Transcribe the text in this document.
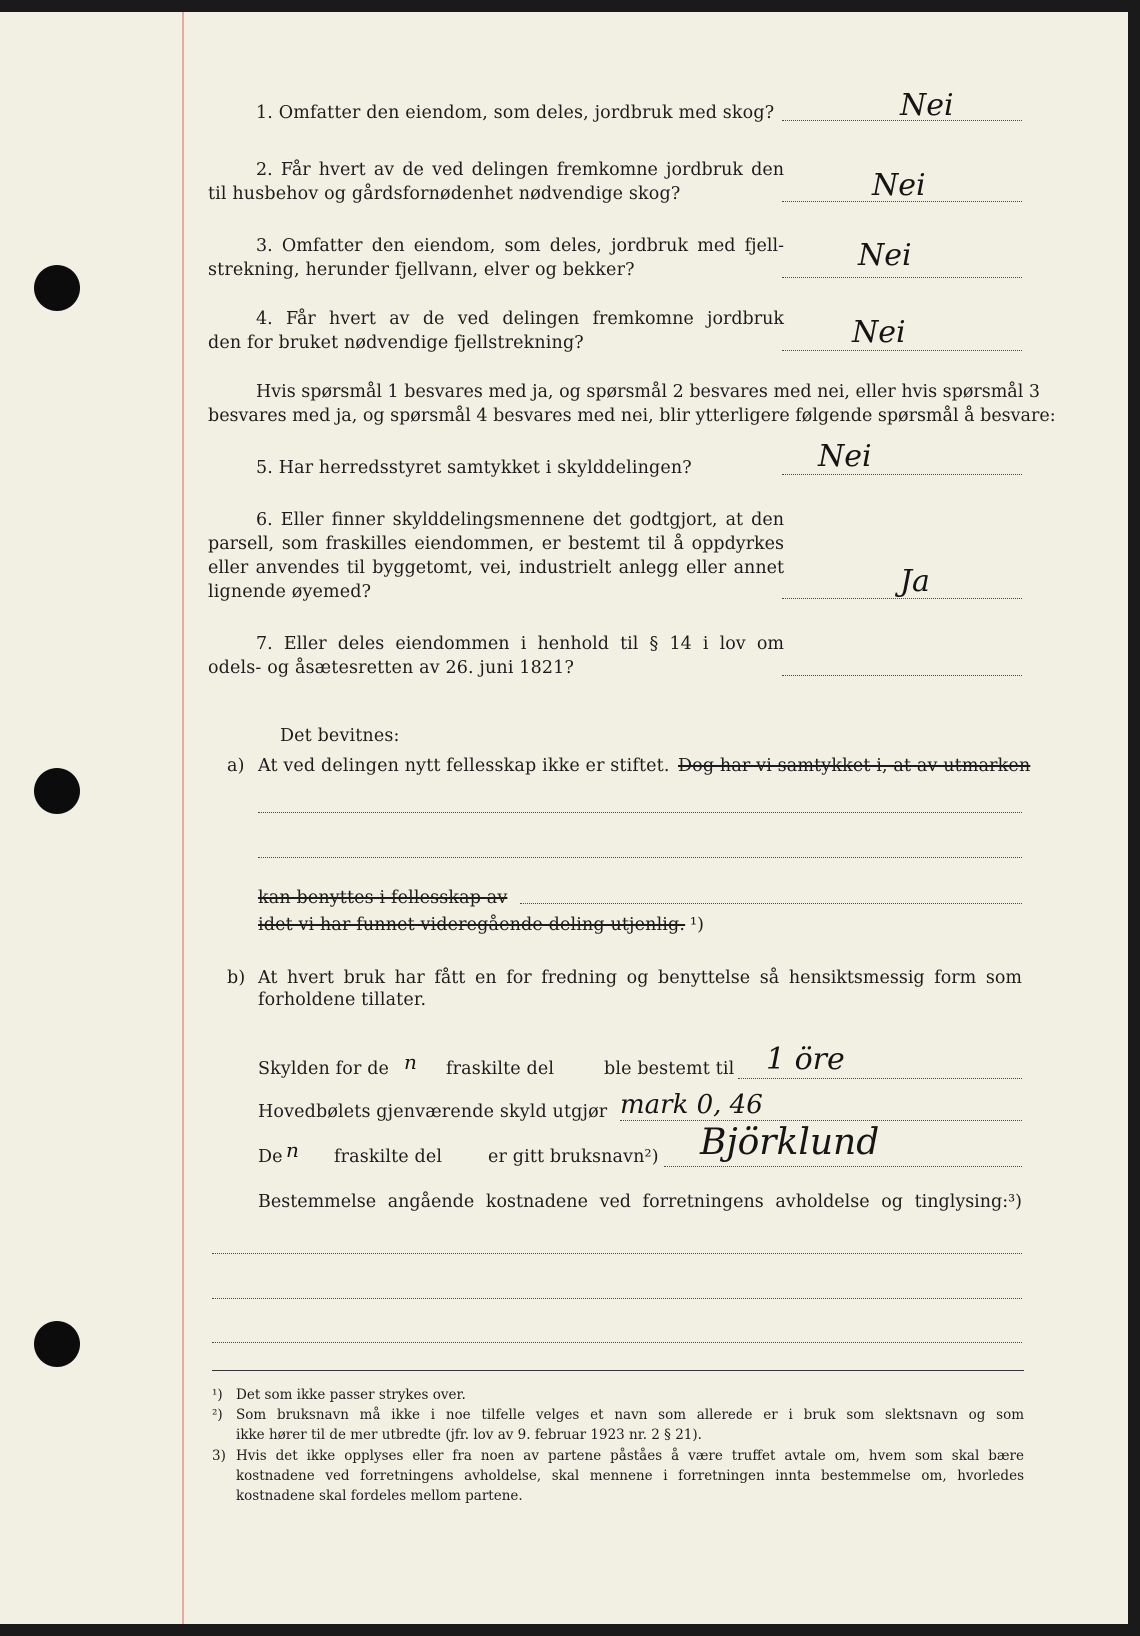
1. Omfatter den eiendom, som deles, jordbruk med skog?	Nei
2. Får hvert av de ved delingen fremkomne jordbruk den
til husbehov og gårdsfornødenhet nødvendige skog?	Nei
3. Omfatter den eiendom, som deles, jordbruk med fjell-
strekning, herunder fjellvann, elver og bekker?	Nei
4. Får hvert av de ved delingen fremkomne jordbruk
den for bruket nødvendige fjellstrekning?	Nei
Hvis spørsmål 1 besvares med ja, og spørsmål 2 besvares med nei, eller hvis spørsmål 3
besvares med ja, og spørsmål 4 besvares med nei, blir ytterligere følgende spørsmål å besvare:
5. Har herredsstyret samtykket i skylddelingen?	Nei
6. Eller finner skylddelingsmennene det godtgjort, at den
parsell, som fraskilles eiendommen, er bestemt til å oppdyrkes
eller anvendes til byggetomt, vei, industrielt anlegg eller annet
lignende øyemed?	Ja
7. Eller deles eiendommen i henhold til § 14 i lov om
odels- og åsætesretten av 26. juni 1821?
Det bevitnes:
a) At ved delingen nytt fellesskap ikke er stiftet. Dog har vi samtykket i, at av utmarken
kan benyttes i fellesskap av
idet vi har funnet videregående deling utjenlig. ¹)
b) At hvert bruk har fått en for fredning og benyttelse så hensiktsmessig form som
forholdene tillater.
Skylden for de n fraskilte del	ble bestemt til 1 öre
Hovedbølets gjenværende skyld utgjør mark 0, 46
De n fraskilte del	er gitt bruksnavn²) Björklund
Bestemmelse angående kostnadene ved forretningens avholdelse og tinglysing:³)
¹) Det som ikke passer strykes over.
²) Som bruksnavn må ikke i noe tilfelle velges et navn som allerede er i bruk som slektsnavn og som
ikke hører til de mer utbredte (jfr. lov av 9. februar 1923 nr. 2 § 21).
3) Hvis det ikke opplyses eller fra noen av partene påståes å være truffet avtale om, hvem som skal bære
kostnadene ved forretningens avholdelse, skal mennene i forretningen innta bestemmelse om, hvorledes
kostnadene skal fordeles mellom partene.
